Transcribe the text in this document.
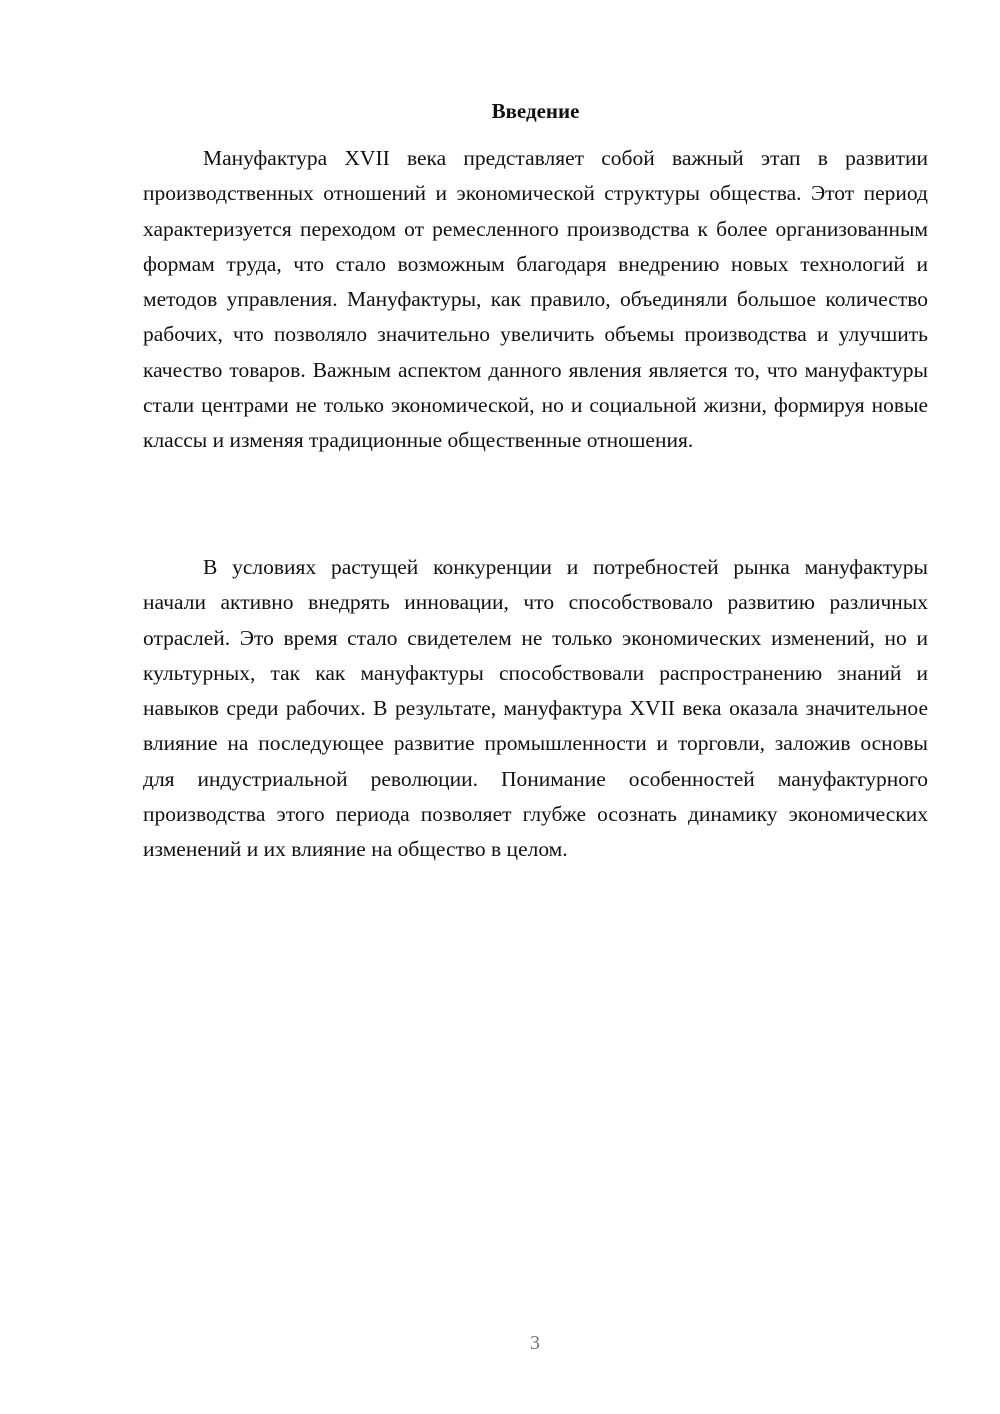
Введение

Мануфактура XVII века представляет собой важный этап в развитии производственных отношений и экономической структуры общества. Этот период характеризуется переходом от ремесленного производства к более организованным формам труда, что стало возможным благодаря внедрению новых технологий и методов управления. Мануфактуры, как правило, объединяли большое количество рабочих, что позволяло значительно увеличить объемы производства и улучшить качество товаров. Важным аспектом данного явления является то, что мануфактуры стали центрами не только экономической, но и социальной жизни, формируя новые классы и изменяя традиционные общественные отношения.

В условиях растущей конкуренции и потребностей рынка мануфактуры начали активно внедрять инновации, что способствовало развитию различных отраслей. Это время стало свидетелем не только экономических изменений, но и культурных, так как мануфактуры способствовали распространению знаний и навыков среди рабочих. В результате, мануфактура XVII века оказала значительное влияние на последующее развитие промышленности и торговли, заложив основы для индустриальной революции. Понимание особенностей мануфактурного производства этого периода позволяет глубже осознать динамику экономических изменений и их влияние на общество в целом.

3
